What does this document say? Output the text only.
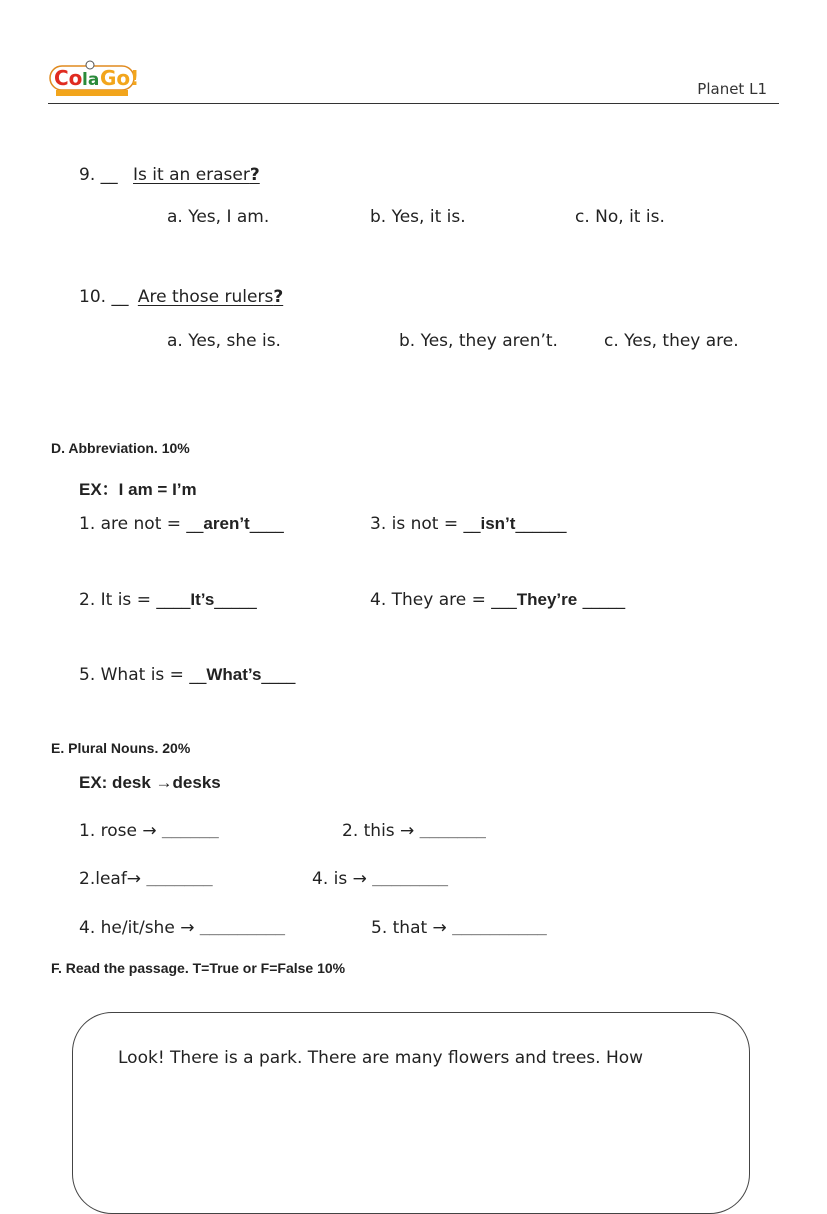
Co la Go!	Planet L1
9. __ Is it an eraser?
a. Yes, I am.	b. Yes, it is.	c. No, it is.
10. __ Are those rulers?
a. Yes, she is.	b. Yes, they aren’t.	c. Yes, they are.
D. Abbreviation. 10%
EX：I am = I’m
1. are not = __aren’t____	3. is not = __isn’t______
2. It is = ____It’s_____	4. They are = ___They’re _____
5. What is = __What’s____
E. Plural Nouns. 20%
EX: desk →desks
1. rose → ______	2. this → _______
2.leaf→ _______	4. is → ________
4. he/it/she → _________	5. that → __________
F. Read the passage. T=True or F=False 10%
Look! There is a park. There are many flowers and trees. How
